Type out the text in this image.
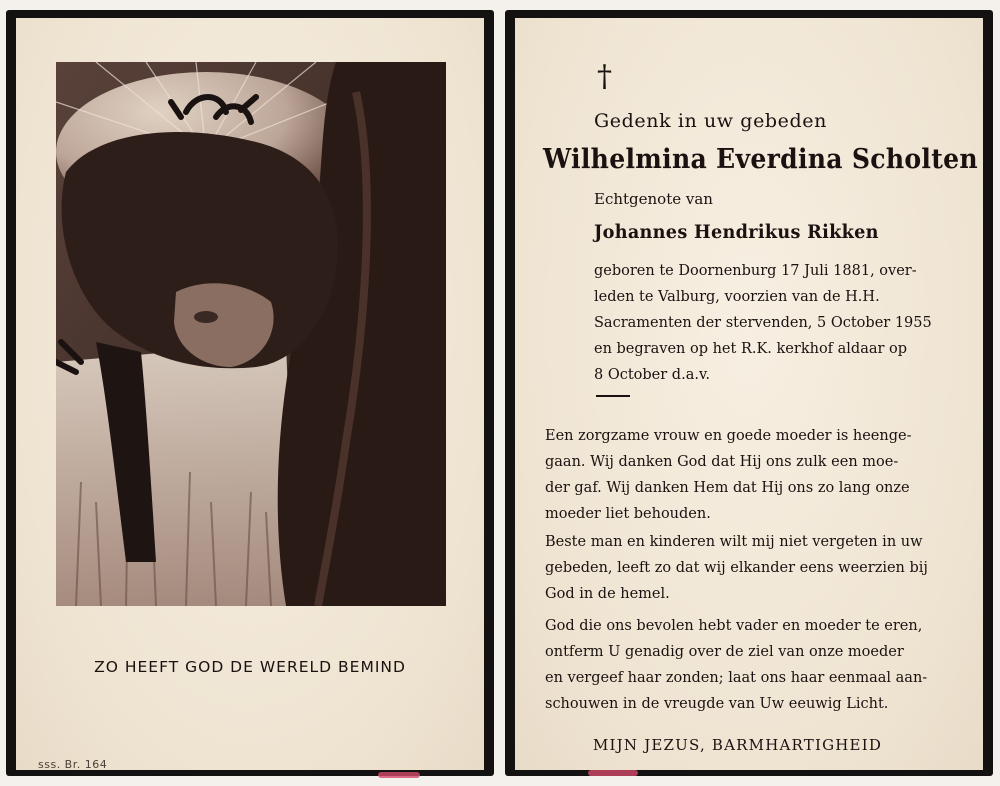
ZO HEEFT GOD DE WERELD BEMIND
sss. Br. 164
†
Gedenk in uw gebeden
Wilhelmina Everdina Scholten
Echtgenote van
Johannes Hendrikus Rikken
geboren te Doornenburg 17 Juli 1881, over-
leden te Valburg, voorzien van de H.H.
Sacramenten der stervenden, 5 October 1955
en begraven op het R.K. kerkhof aldaar op
8 October d.a.v.
Een zorgzame vrouw en goede moeder is heenge-
gaan. Wij danken God dat Hij ons zulk een moe-
der gaf. Wij danken Hem dat Hij ons zo lang onze
moeder liet behouden.
Beste man en kinderen wilt mij niet vergeten in uw
gebeden, leeft zo dat wij elkander eens weerzien bij
God in de hemel.
God die ons bevolen hebt vader en moeder te eren,
ontferm U genadig over de ziel van onze moeder
en vergeef haar zonden; laat ons haar eenmaal aan-
schouwen in de vreugde van Uw eeuwig Licht.
MIJN JEZUS, BARMHARTIGHEID
